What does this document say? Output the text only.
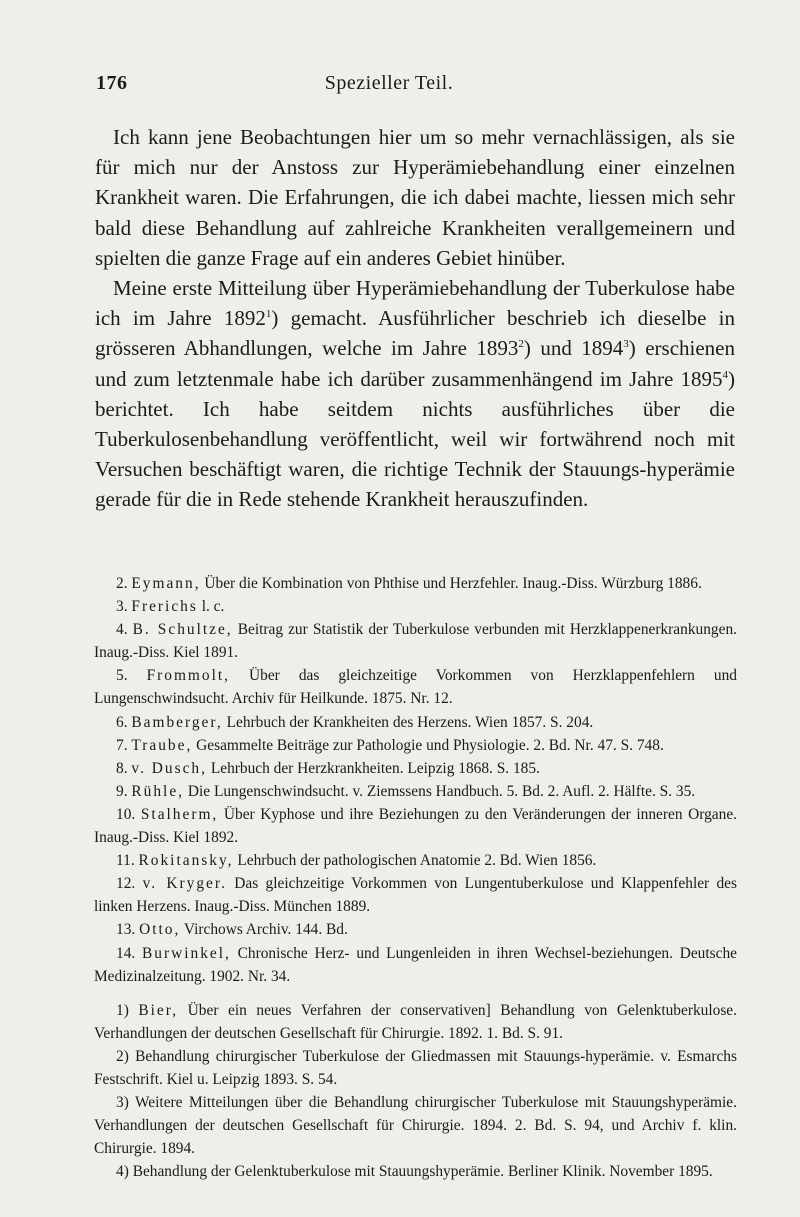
176	Spezieller Teil.

Ich kann jene Beobachtungen hier um so mehr vernachlässigen, als sie für mich nur der Anstoss zur Hyperämiebehandlung einer einzelnen Krankheit waren. Die Erfahrungen, die ich dabei machte, liessen mich sehr bald diese Behandlung auf zahlreiche Krankheiten verallgemeinern und spielten die ganze Frage auf ein anderes Gebiet hinüber.

Meine erste Mitteilung über Hyperämiebehandlung der Tuberkulose habe ich im Jahre 1892$^1$) gemacht. Ausführlicher beschrieb ich dieselbe in grösseren Abhandlungen, welche im Jahre 1893$^2$) und 1894$^3$) erschienen und zum letztenmale habe ich darüber zusammenhängend im Jahre 1895$^4$) berichtet. Ich habe seitdem nichts ausführliches über die Tuberkulosenbehandlung veröffentlicht, weil wir fortwährend noch mit Versuchen beschäftigt waren, die richtige Technik der Stauungs-hyperämie gerade für die in Rede stehende Krankheit herauszufinden.

2. Eymann, Über die Kombination von Phthise und Herzfehler. Inaug.-Diss. Würzburg 1886.

3. Frerichs l. c.

4. B. Schultze, Beitrag zur Statistik der Tuberkulose verbunden mit Herzklappenerkrankungen. Inaug.-Diss. Kiel 1891.

5. Frommolt, Über das gleichzeitige Vorkommen von Herzklappenfehlern und Lungenschwindsucht. Archiv für Heilkunde. 1875. Nr. 12.

6. Bamberger, Lehrbuch der Krankheiten des Herzens. Wien 1857. S. 204.

7. Traube, Gesammelte Beiträge zur Pathologie und Physiologie. 2. Bd. Nr. 47. S. 748.

8. v. Dusch, Lehrbuch der Herzkrankheiten. Leipzig 1868. S. 185.

9. Rühle, Die Lungenschwindsucht. v. Ziemssens Handbuch. 5. Bd. 2. Aufl. 2. Hälfte. S. 35.

10. Stalherm, Über Kyphose und ihre Beziehungen zu den Veränderungen der inneren Organe. Inaug.-Diss. Kiel 1892.

11. Rokitansky, Lehrbuch der pathologischen Anatomie 2. Bd. Wien 1856.

12. v. Kryger. Das gleichzeitige Vorkommen von Lungentuberkulose und Klappenfehler des linken Herzens. Inaug.-Diss. München 1889.

13. Otto, Virchows Archiv. 144. Bd.

14. Burwinkel, Chronische Herz- und Lungenleiden in ihren Wechsel-beziehungen. Deutsche Medizinalzeitung. 1902. Nr. 34.

1) Bier, Über ein neues Verfahren der conservativen] Behandlung von Gelenktuberkulose. Verhandlungen der deutschen Gesellschaft für Chirurgie. 1892. 1. Bd. S. 91.

2) Behandlung chirurgischer Tuberkulose der Gliedmassen mit Stauungs-hyperämie. v. Esmarchs Festschrift. Kiel u. Leipzig 1893. S. 54.

3) Weitere Mitteilungen über die Behandlung chirurgischer Tuberkulose mit Stauungshyperämie. Verhandlungen der deutschen Gesellschaft für Chirurgie. 1894. 2. Bd. S. 94, und Archiv f. klin. Chirurgie. 1894.

4) Behandlung der Gelenktuberkulose mit Stauungshyperämie. Berliner Klinik. November 1895.
